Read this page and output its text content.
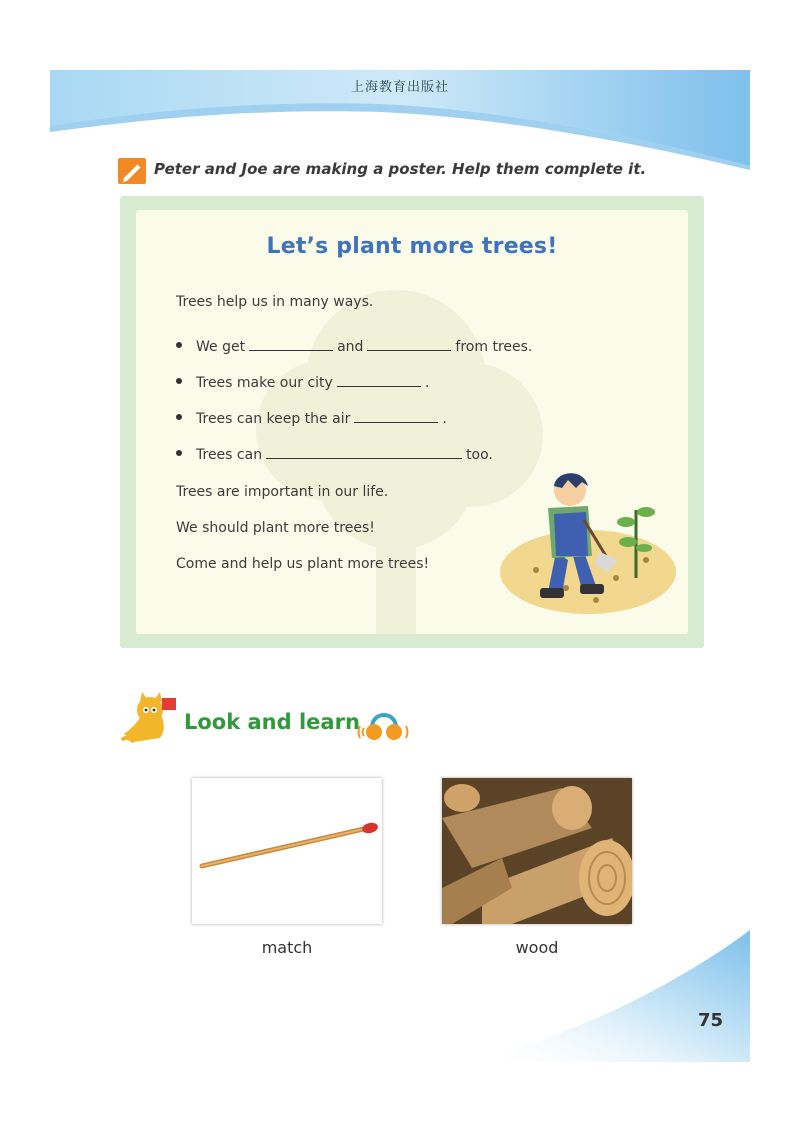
上海教育出版社
Peter and Joe are making a poster. Help them complete it.
Let’s plant more trees!
Trees help us in many ways.
We get	and	from trees.
Trees make our city	.
Trees can keep the air	.
Trees can	too.
Trees are important in our life.
We should plant more trees!
Come and help us plant more trees!
Look and learn
match	wood
75
